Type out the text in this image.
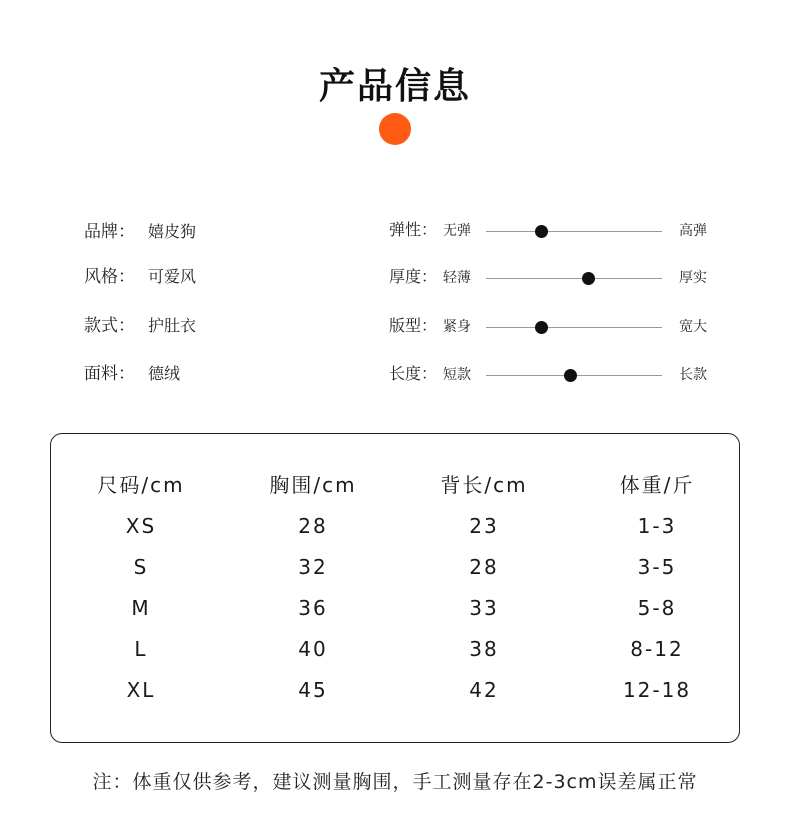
产品信息
品牌： 嬉皮狗
风格： 可爱风
款式： 护肚衣
面料： 德绒
弹性： 无弹	高弹
厚度： 轻薄	厚实
版型： 紧身	宽大
长度： 短款	长款
尺码/cm	胸围/cm	背长/cm	体重/斤
XS	28	23	1-3
S	32	28	3-5
M	36	33	5-8
L	40	38	8-12
XL	45	42	12-18
注：体重仅供参考，建议测量胸围，手工测量存在2-3cm误差属正常
